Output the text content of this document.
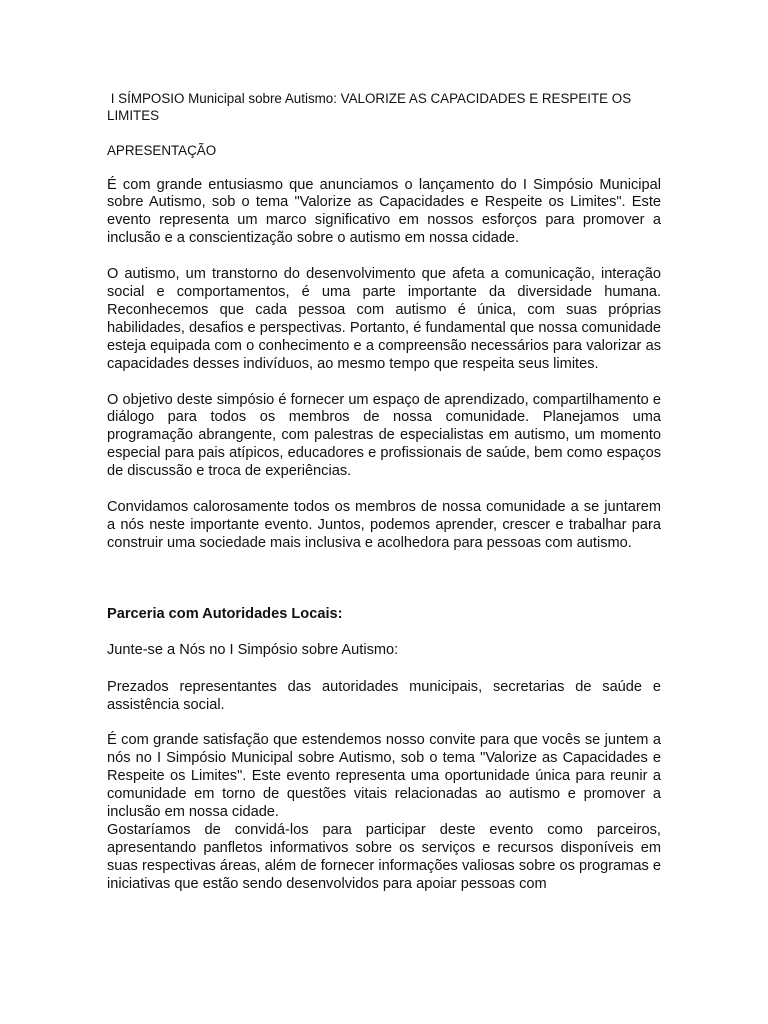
I SÍMPOSIO Municipal sobre Autismo: VALORIZE AS CAPACIDADES E RESPEITE OS LIMITES

APRESENTAÇÃO

É com grande entusiasmo que anunciamos o lançamento do I Simpósio Municipal sobre Autismo, sob o tema "Valorize as Capacidades e Respeite os Limites". Este evento representa um marco significativo em nossos esforços para promover a inclusão e a conscientização sobre o autismo em nossa cidade.

O autismo, um transtorno do desenvolvimento que afeta a comunicação, interação social e comportamentos, é uma parte importante da diversidade humana. Reconhecemos que cada pessoa com autismo é única, com suas próprias habilidades, desafios e perspectivas. Portanto, é fundamental que nossa comunidade esteja equipada com o conhecimento e a compreensão necessários para valorizar as capacidades desses indivíduos, ao mesmo tempo que respeita seus limites.

O objetivo deste simpósio é fornecer um espaço de aprendizado, compartilhamento e diálogo para todos os membros de nossa comunidade. Planejamos uma programação abrangente, com palestras de especialistas em autismo, um momento especial para pais atípicos, educadores e profissionais de saúde, bem como espaços de discussão e troca de experiências.

Convidamos calorosamente todos os membros de nossa comunidade a se juntarem a nós neste importante evento. Juntos, podemos aprender, crescer e trabalhar para construir uma sociedade mais inclusiva e acolhedora para pessoas com autismo.

Parceria com Autoridades Locais:

Junte-se a Nós no I Simpósio sobre Autismo:

Prezados representantes das autoridades municipais, secretarias de saúde e assistência social.

É com grande satisfação que estendemos nosso convite para que vocês se juntem a nós no I Simpósio Municipal sobre Autismo, sob o tema "Valorize as Capacidades e Respeite os Limites". Este evento representa uma oportunidade única para reunir a comunidade em torno de questões vitais relacionadas ao autismo e promover a inclusão em nossa cidade.

Gostaríamos de convidá-los para participar deste evento como parceiros, apresentando panfletos informativos sobre os serviços e recursos disponíveis em suas respectivas áreas, além de fornecer informações valiosas sobre os programas e iniciativas que estão sendo desenvolvidos para apoiar pessoas com
